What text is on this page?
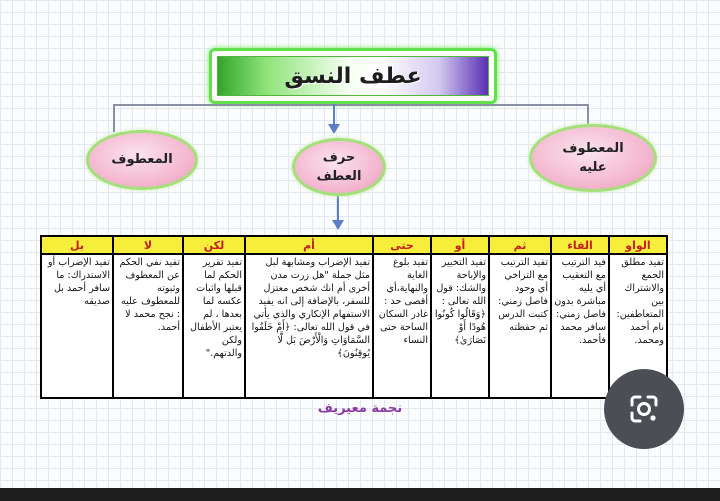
عطف النسق
المعطوف عليه
حرف العطف
المعطوف
الواو	الفاء	ثم	أو	حتى	أم	لكن	لا	بل

تفيد مطلق الجمع والاشتراك بين المتعاطفين: نام أحمد ومحمد.	فيد الترتيب مع التعقيب أي يليه مباشرة بدون فاصل زمني: سافر محمد فأحمد.	تفيد الترتيب مع التراخي أي وجود فاصل زمني: كتبت الدرس ثم حفظته	تفيد التخيير والإباحة والشك: قول الله تعالى : ﴿وَقَالُوا كُونُوا هُودًا أَوْ نَصَارَىٰ﴾	تفيد بلوغ الغاية والنهاية،أي أقصى حد : غادر السكان الساحة حتى النساء	تفيد الإضراب ومشابهة لبل مثل جملة "هل زرت مدن أخرى أم انك شخص معتزل للسفر، بالإضافة إلى انه يفيد الاستفهام الإنكاري والذي يأتي في قول الله تعالى: ﴿أَمْ خَلَقُوا السَّمَاوَاتِ وَالْأَرْضَ بَل لَّا يُوقِنُونَ﴾	تفيد تقرير الحكم لما قبلها واثبات عكسه لما بعدها ، لم يعتبر الأطفال ولكن والدتهم."	تفيد نفي الحكم عن المعطوف وثبوته للمعطوف عليه : نجح محمد لا أحمد.	تفيد الإضراب أو الاستدراك: ما سافر أحمد بل صديقه
نجمة معيريف
